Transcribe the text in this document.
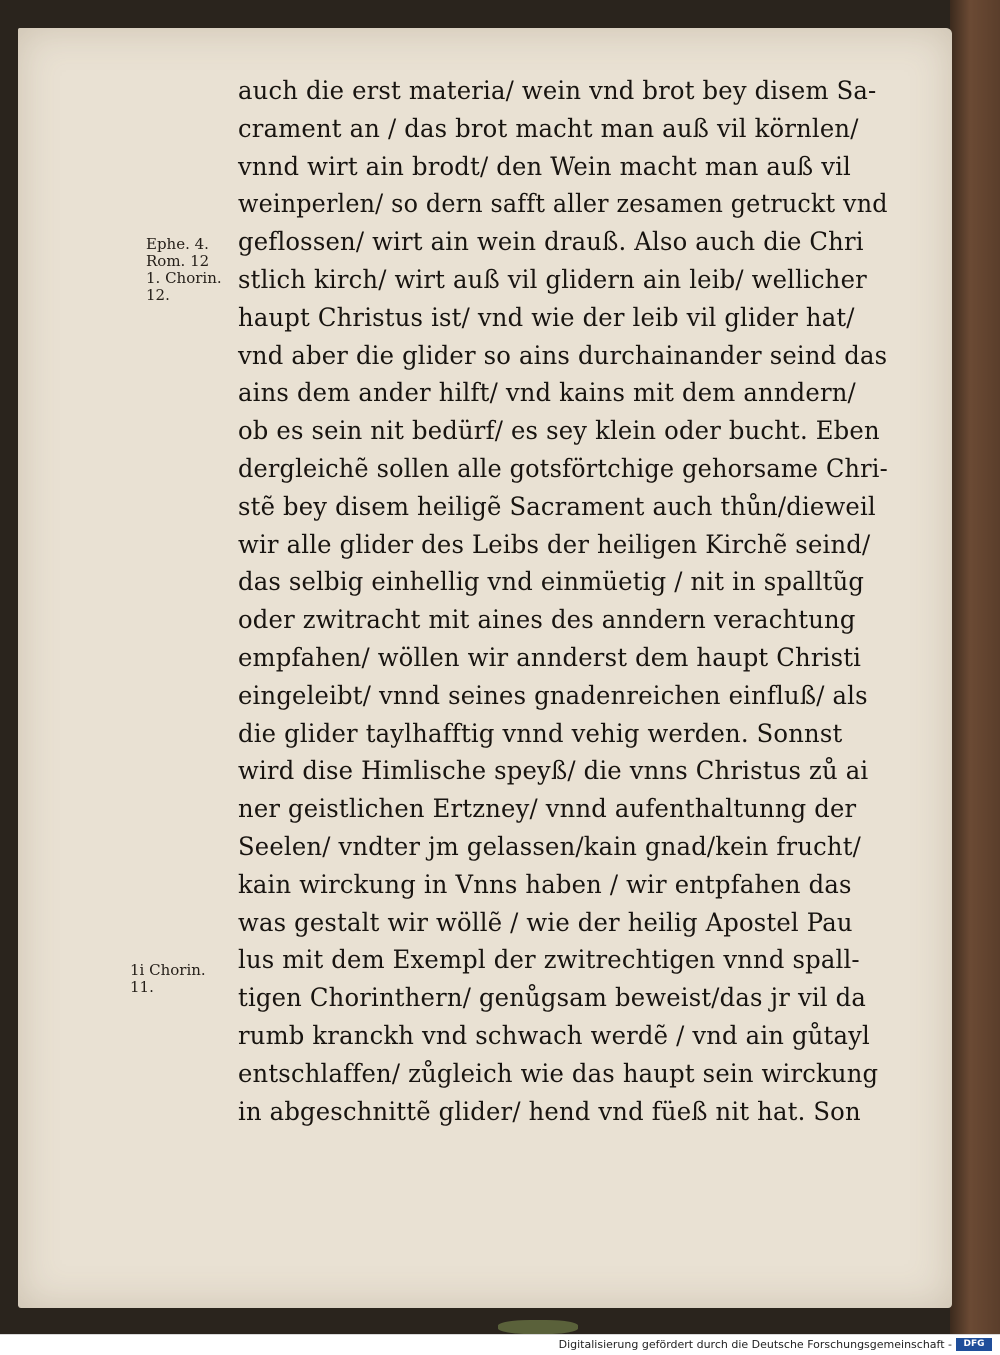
Ephe. 4.
Rom. 12
1. Chorin.
12.
1i Chorin.
11.
auch die erst materia/ wein vnd brot bey disem Sa-
crament an / das brot macht man auß vil körnlen/
vnnd wirt ain brodt/ den Wein macht man auß vil
weinperlen/ so dern safft aller zesamen getruckt vnd
geflossen/ wirt ain wein drauß. Also auch die Chri
stlich kirch/ wirt auß vil glidern ain leib/ wellicher
haupt Christus ist/ vnd wie der leib vil glider hat/
vnd aber die glider so ains durchainander seind das
ains dem ander hilft/ vnd kains mit dem anndern/
ob es sein nit bedürf/ es sey klein oder bucht. Eben
dergleichẽ sollen alle gotsförtchige gehorsame Chri-
stẽ bey disem heiligẽ Sacrament auch thůn/dieweil
wir alle glider des Leibs der heiligen Kirchẽ seind/
das selbig einhellig vnd einmüetig / nit in spalltũg
oder zwitracht mit aines des anndern verachtung
empfahen/ wöllen wir annderst dem haupt Christi
eingeleibt/ vnnd seines gnadenreichen einfluß/ als
die glider taylhafftig vnnd vehig werden. Sonnst
wird dise Himlische speyß/ die vnns Christus zů ai
ner geistlichen Ertzney/ vnnd aufenthaltunng der
Seelen/ vndter jm gelassen/kain gnad/kein frucht/
kain wirckung in Vnns haben / wir entpfahen das
was gestalt wir wöllẽ / wie der heilig Apostel Pau
lus mit dem Exempl der zwitrechtigen vnnd spall-
tigen Chorinthern/ genůgsam beweist/das jr vil da
rumb kranckh vnd schwach werdẽ / vnd ain gůtayl
entschlaffen/ zůgleich wie das haupt sein wirckung
in abgeschnittẽ glider/ hend vnd füeß nit hat. Son
Digitalisierung gefördert durch die Deutsche Forschungsgemeinschaft -	DFG
